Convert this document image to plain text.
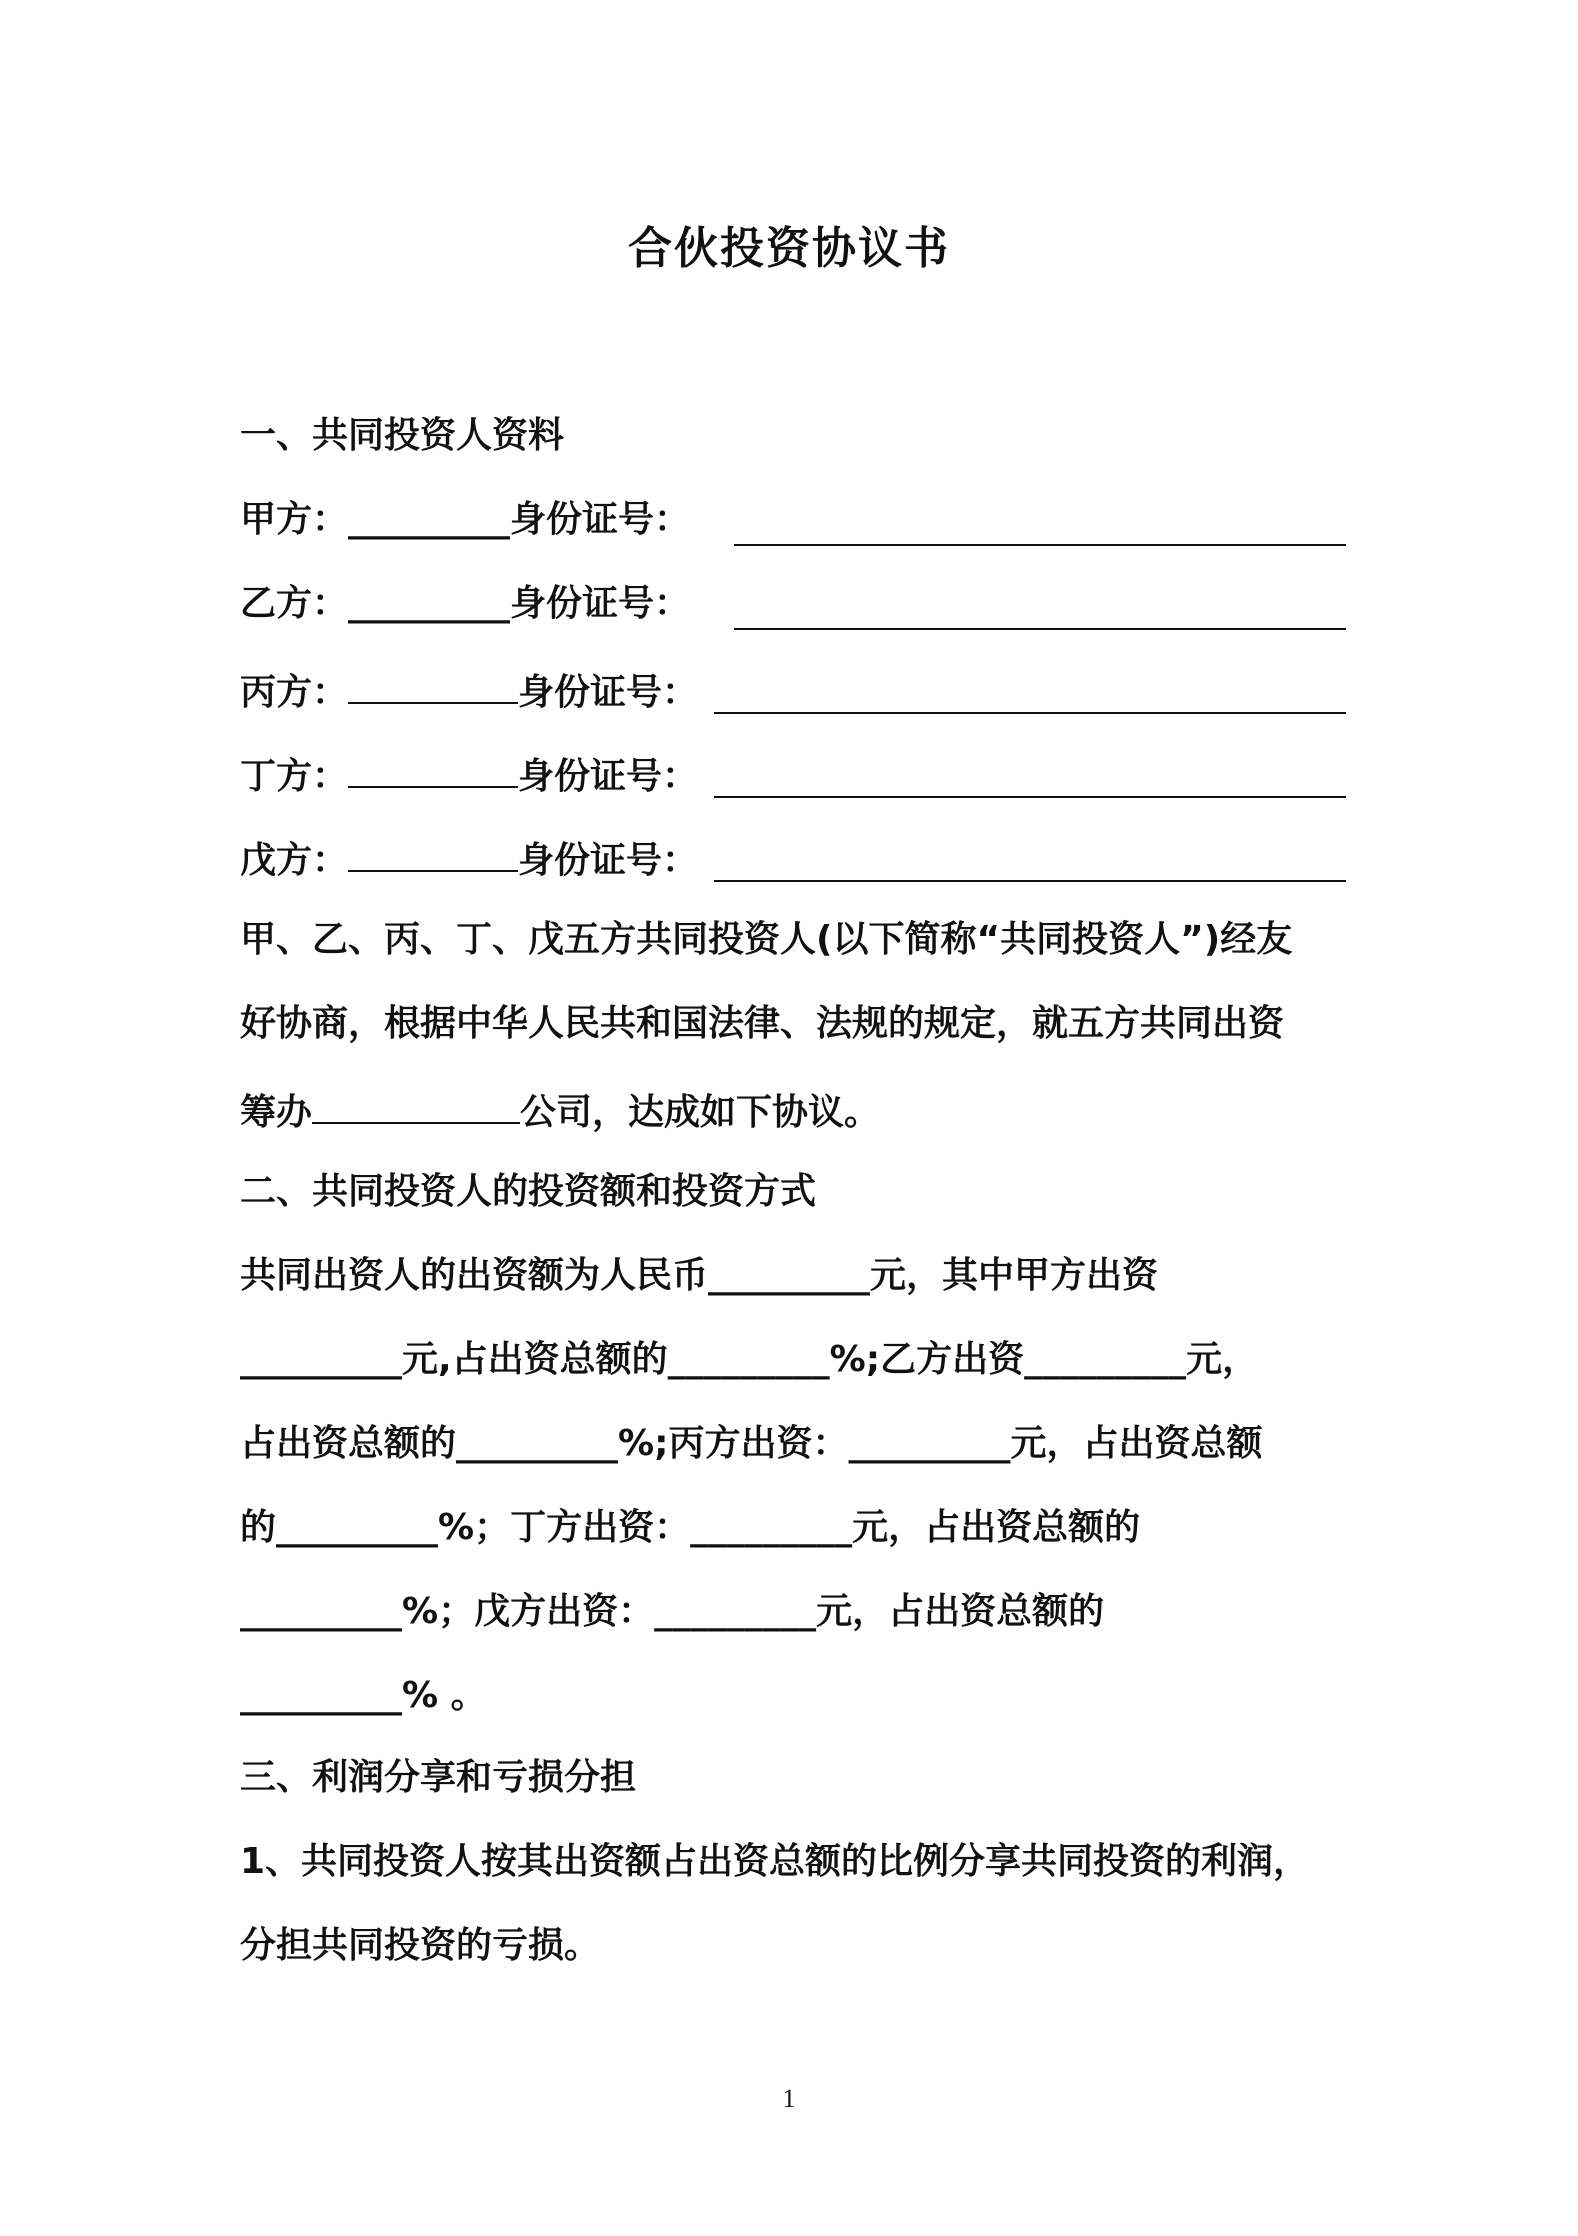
合伙投资协议书
一、共同投资人资料
甲方：_________身份证号：
乙方：_________身份证号：
丙方：	身份证号：
丁方：	身份证号：
戊方：	身份证号：
甲、乙、丙、丁、戊五方共同投资人(以下简称“共同投资人”)经友
好协商，根据中华人民共和国法律、法规的规定，就五方共同出资
筹办	公司，达成如下协议。
二、共同投资人的投资额和投资方式
共同出资人的出资额为人民币_________元，其中甲方出资
_________元,占出资总额的_________%;乙方出资_________元，
占出资总额的_________%;丙方出资：_________元，占出资总额
的_________%；丁方出资：_________元，占出资总额的
_________%；戊方出资：_________元，占出资总额的
_________% 。
三、利润分享和亏损分担
1、共同投资人按其出资额占出资总额的比例分享共同投资的利润，
分担共同投资的亏损。
1
